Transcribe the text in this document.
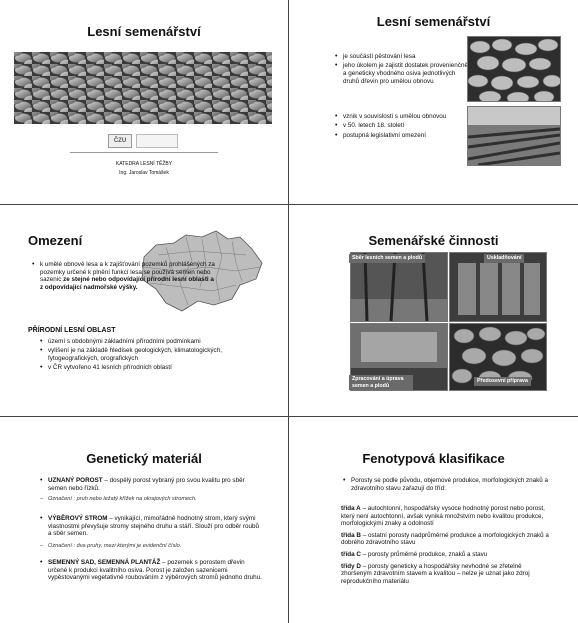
Lesní semenářství
ČZU
KATEDRA LESNÍ TĚŽBY
Ing. Jaroslav Tomášek
Lesní semenářství
• je součástí pěstování lesa
• jeho úkolem je zajistit dostatek provenienčně a geneticky vhodného osiva jednotlivých druhů dřevin pro umělou obnovu
• vznik v souvislosti s umělou obnovou
• v 50. letech 18. století
• postupná legislativní omezení
Omezení
• k umělé obnově lesa a k zajišťování pozemků prohlášených za pozemky určené k plnění funkcí lesa se používá semen nebo sazenic ze stejné nebo odpovídající přírodní lesní oblasti a z odpovídající nadmořské výšky.
PŘÍRODNÍ LESNÍ OBLAST
• území s obdobnými základními přírodními podmínkami
• vylišení je na základě hledisek geologických, klimatologických, fytogeografických, orografických
• v ČR vytvořeno 41 lesních přírodních oblastí
Semenářské činnosti
Sběr lesních semen a plodů	Uskladňování
Zpracování a úprava semen a plodů
Předosevní příprava
Genetický materiál
• UZNANÝ POROST – dospělý porost vybraný pro svou kvalitu pro sběr semen nebo řízků.
– Označení : pruh nebo ležatý křížek na okrajových stromech.
• VÝBĚROVÝ STROM – vynikající, mimořádně hodnotný strom, který svými vlastnostmi převyšuje stromy stejného druhu a stáří. Slouží pro odběr roubů a sběr semen.
– Označení : dva pruhy, mezi kterými je evidenční číslo.
• SEMENNÝ SAD, SEMENNÁ PLANTÁŽ – pozemek s porostem dřevin určené k produkci kvalitního osiva. Porost je založen sazenicemi vypěstovanými vegetativně roubováním z výběrových stromů jednoho druhu.
Fenotypová klasifikace
• Porosty se podle původu, objemové produkce, morfologických znaků a zdravotního stavu zařazují do tříd:
třída A – autochtonní, hospodářsky vysoce hodnotný porost nebo porost, který není autochtonní, avšak vyniká množstvím nebo kvalitou produkce, morfologickými znaky a odolností
třída B – ostatní porosty nadprůměrné produkce a morfologických znaků a dobrého zdravotního stavu
třída C – porosty průměrné produkce, znaků a stavu
třídy D – porosty geneticky a hospodářsky nevhodné se zřetelně zhoršeným zdravotním stavem a kvalitou – nelze je uznat jako zdroj reprodukčního materiálu
